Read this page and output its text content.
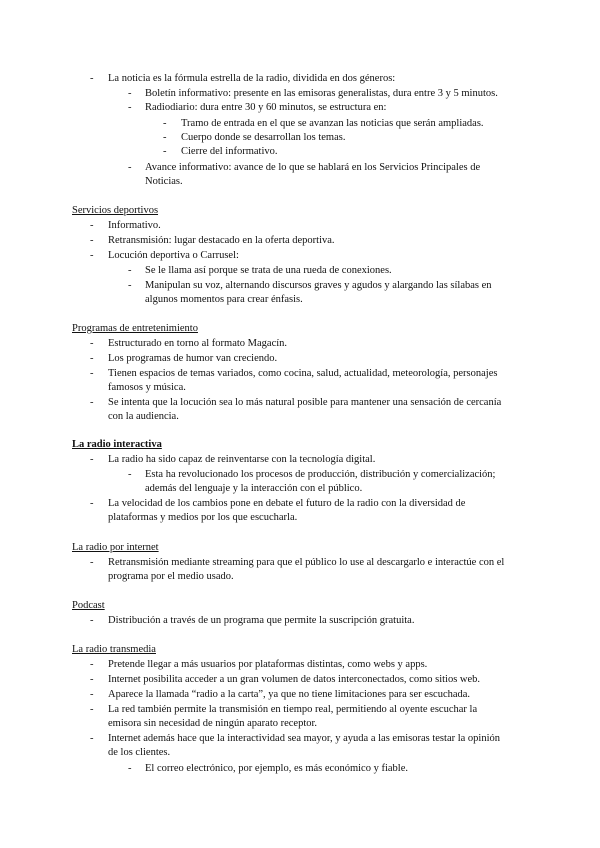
- La noticia es la fórmula estrella de la radio, dividida en dos géneros:
- Boletín informativo: presente en las emisoras generalistas, dura entre 3 y 5 minutos.
- Radiodiario: dura entre 30 y 60 minutos, se estructura en:
- Tramo de entrada en el que se avanzan las noticias que serán ampliadas.
- Cuerpo donde se desarrollan los temas.
- Cierre del informativo.
- Avance informativo: avance de lo que se hablará en los Servicios Principales de
Noticias.
Servicios deportivos
- Informativo.
- Retransmisión: lugar destacado en la oferta deportiva.
- Locución deportiva o Carrusel:
- Se le llama así porque se trata de una rueda de conexiones.
- Manipulan su voz, alternando discursos graves y agudos y alargando las sílabas en
algunos momentos para crear énfasis.
Programas de entretenimiento
- Estructurado en torno al formato Magacín.
- Los programas de humor van creciendo.
- Tienen espacios de temas variados, como cocina, salud, actualidad, meteorología, personajes
famosos y música.
- Se intenta que la locución sea lo más natural posible para mantener una sensación de cercanía
con la audiencia.
La radio interactiva
- La radio ha sido capaz de reinventarse con la tecnología digital.
- Esta ha revolucionado los procesos de producción, distribución y comercialización;
además del lenguaje y la interacción con el público.
- La velocidad de los cambios pone en debate el futuro de la radio con la diversidad de
plataformas y medios por los que escucharla.
La radio por internet
- Retransmisión mediante streaming para que el público lo use al descargarlo e interactúe con el
programa por el medio usado.
Podcast
- Distribución a través de un programa que permite la suscripción gratuita.
La radio transmedia
- Pretende llegar a más usuarios por plataformas distintas, como webs y apps.
- Internet posibilita acceder a un gran volumen de datos interconectados, como sitios web.
- Aparece la llamada “radio a la carta”, ya que no tiene limitaciones para ser escuchada.
- La red también permite la transmisión en tiempo real, permitiendo al oyente escuchar la
emisora sin necesidad de ningún aparato receptor.
- Internet además hace que la interactividad sea mayor, y ayuda a las emisoras testar la opinión
de los clientes.
- El correo electrónico, por ejemplo, es más económico y fiable.
